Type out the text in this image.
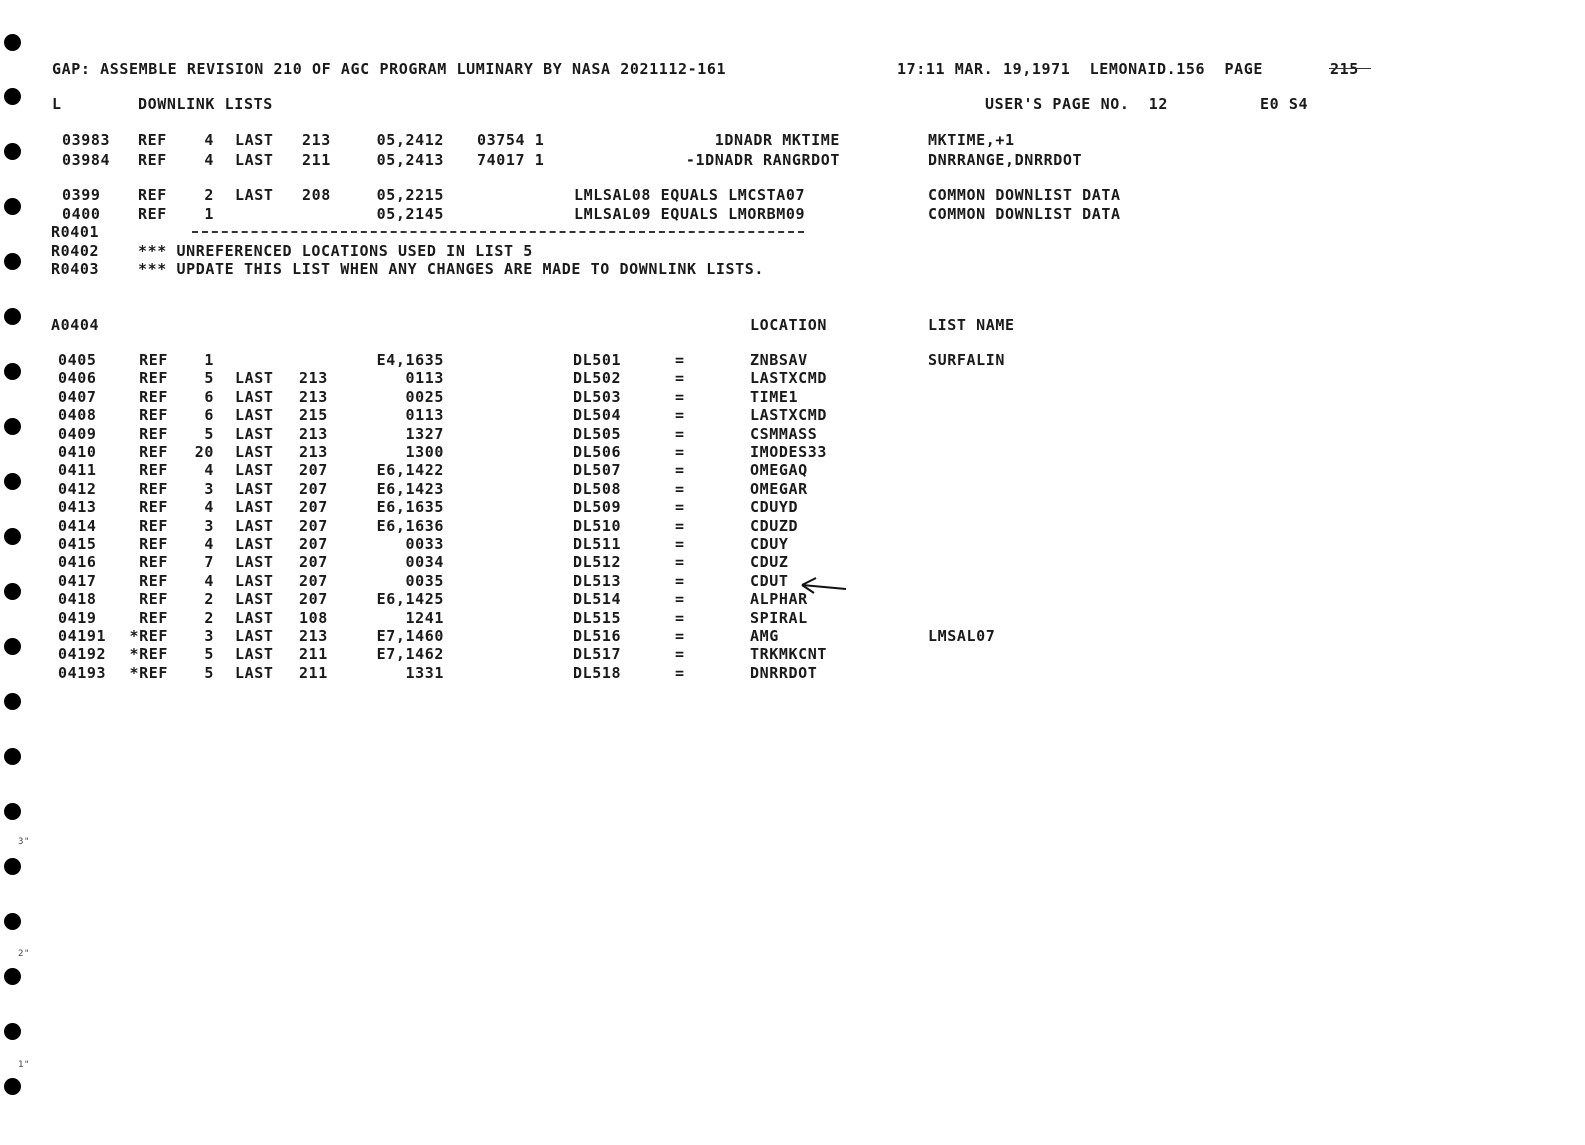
3"
2"
1"
GAP: ASSEMBLE REVISION 210 OF AGC PROGRAM LUMINARY BY NASA 2021112-161	17:11 MAR. 19,1971  LEMONAID.156  PAGE	215
L	DOWNLINK LISTS	USER'S PAGE NO.  12	E0 S4
03983 REF	4 LAST 213	05,2412 03754 1	1DNADR MKTIME	MKTIME,+1
03984 REF	4 LAST 211	05,2413 74017 1	-1DNADR RANGRDOT	DNRRANGE,DNRRDOT
0399 REF	2 LAST 208	05,2215	LMLSAL08 EQUALS LMCSTA07	COMMON DOWNLIST DATA
0400 REF	1	05,2145	LMLSAL09 EQUALS LMORBM09	COMMON DOWNLIST DATA
R0401
R0402	*** UNREFERENCED LOCATIONS USED IN LIST 5
R0403	*** UPDATE THIS LIST WHEN ANY CHANGES ARE MADE TO DOWNLINK LISTS.
A0404	LOCATION	LIST NAME
0405	REF	1	E4,1635	DL501	=	ZNBSAV	SURFALIN
0406	REF	5 LAST 213	0113	DL502	=	LASTXCMD
0407	REF	6 LAST 213	0025	DL503	=	TIME1
0408	REF	6 LAST 215	0113	DL504	=	LASTXCMD
0409	REF	5 LAST 213	1327	DL505	=	CSMMASS
0410	REF	20 LAST 213	1300	DL506	=	IMODES33
0411	REF	4 LAST 207	E6,1422	DL507	=	OMEGAQ
0412	REF	3 LAST 207	E6,1423	DL508	=	OMEGAR
0413	REF	4 LAST 207	E6,1635	DL509	=	CDUYD
0414	REF	3 LAST 207	E6,1636	DL510	=	CDUZD
0415	REF	4 LAST 207	0033	DL511	=	CDUY
0416	REF	7 LAST 207	0034	DL512	=	CDUZ
0417	REF	4 LAST 207	0035	DL513	=	CDUT
0418	REF	2 LAST 207	E6,1425	DL514	=	ALPHAR
0419	REF	2 LAST 108	1241	DL515	=	SPIRAL
04191	*REF	3 LAST 213	E7,1460	DL516	=	AMG	LMSAL07
04192	*REF	5 LAST 211	E7,1462	DL517	=	TRKMKCNT
04193	*REF	5 LAST 211	1331	DL518	=	DNRRDOT
